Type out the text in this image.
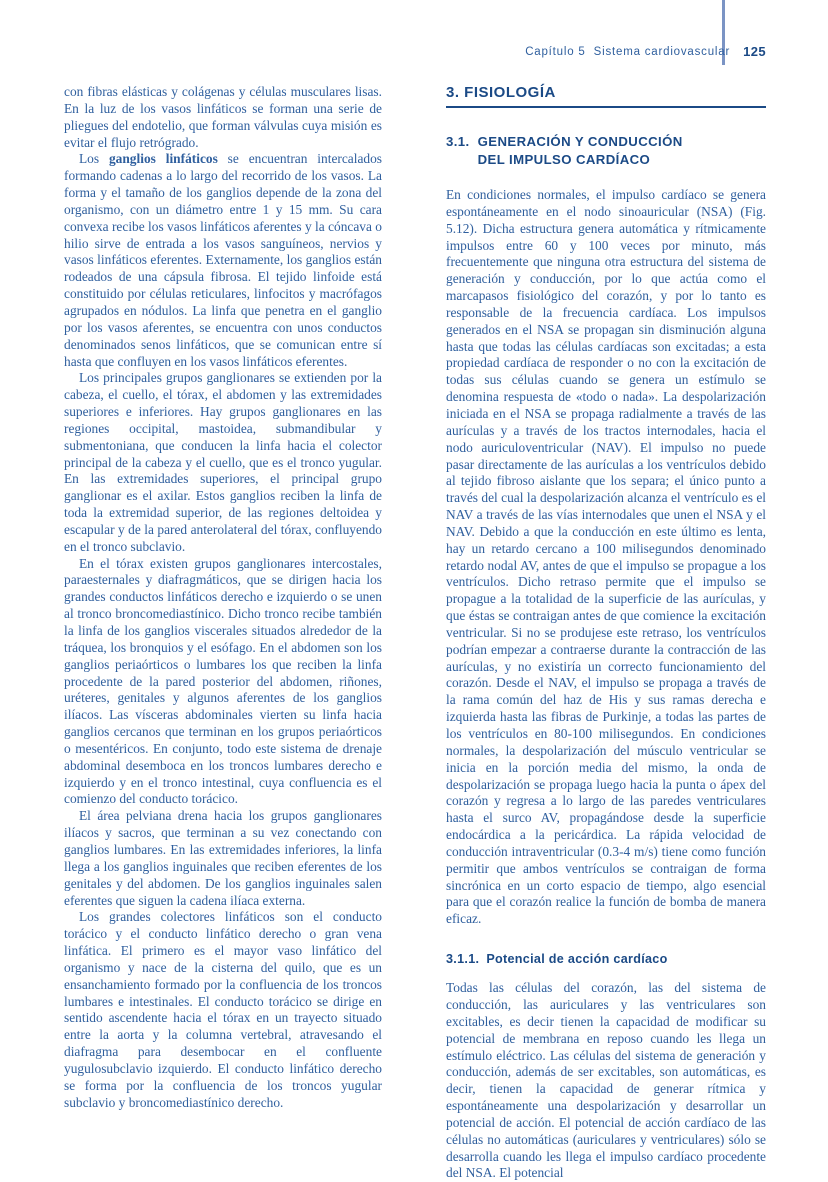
Capítulo 5 Sistema cardiovascular 125

con fibras elásticas y colágenas y células musculares lisas. En la luz de los vasos linfáticos se forman una serie de pliegues del endotelio, que forman válvulas cuya misión es evitar el flujo retrógrado.

Los ganglios linfáticos se encuentran intercalados formando cadenas a lo largo del recorrido de los vasos. La forma y el tamaño de los ganglios depende de la zona del organismo, con un diámetro entre 1 y 15 mm. Su cara convexa recibe los vasos linfáticos aferentes y la cóncava o hilio sirve de entrada a los vasos sanguíneos, nervios y vasos linfáticos eferentes. Externamente, los ganglios están rodeados de una cápsula fibrosa. El tejido linfoide está constituido por células reticulares, linfocitos y macrófagos agrupados en nódulos. La linfa que penetra en el ganglio por los vasos aferentes, se encuentra con unos conductos denominados senos linfáticos, que se comunican entre sí hasta que confluyen en los vasos linfáticos eferentes.

Los principales grupos ganglionares se extienden por la cabeza, el cuello, el tórax, el abdomen y las extremidades superiores e inferiores. Hay grupos ganglionares en las regiones occipital, mastoidea, submandibular y submentoniana, que conducen la linfa hacia el colector principal de la cabeza y el cuello, que es el tronco yugular. En las extremidades superiores, el principal grupo ganglionar es el axilar. Estos ganglios reciben la linfa de toda la extremidad superior, de las regiones deltoidea y escapular y de la pared anterolateral del tórax, confluyendo en el tronco subclavio.

En el tórax existen grupos ganglionares intercostales, paraesternales y diafragmáticos, que se dirigen hacia los grandes conductos linfáticos derecho e izquierdo o se unen al tronco broncomediastínico. Dicho tronco recibe también la linfa de los ganglios viscerales situados alrededor de la tráquea, los bronquios y el esófago. En el abdomen son los ganglios periaórticos o lumbares los que reciben la linfa procedente de la pared posterior del abdomen, riñones, uréteres, genitales y algunos aferentes de los ganglios ilíacos. Las vísceras abdominales vierten su linfa hacia ganglios cercanos que terminan en los grupos periaórticos o mesentéricos. En conjunto, todo este sistema de drenaje abdominal desemboca en los troncos lumbares derecho e izquierdo y en el tronco intestinal, cuya confluencia es el comienzo del conducto torácico.

El área pelviana drena hacia los grupos ganglionares ilíacos y sacros, que terminan a su vez conectando con ganglios lumbares. En las extremidades inferiores, la linfa llega a los ganglios inguinales que reciben eferentes de los genitales y del abdomen. De los ganglios inguinales salen eferentes que siguen la cadena ilíaca externa.

Los grandes colectores linfáticos son el conducto torácico y el conducto linfático derecho o gran vena linfática. El primero es el mayor vaso linfático del organismo y nace de la cisterna del quilo, que es un ensanchamiento formado por la confluencia de los troncos lumbares e intestinales. El conducto torácico se dirige en sentido ascendente hacia el tórax en un trayecto situado entre la aorta y la columna vertebral, atravesando el diafragma para desembocar en el confluente yugulosubclavio izquierdo. El conducto linfático derecho se forma por la confluencia de los troncos yugular subclavio y broncomediastínico derecho.

3. FISIOLOGÍA
3.1. GENERACIÓN Y CONDUCCIÓN
DEL IMPULSO CARDÍACO

En condiciones normales, el impulso cardíaco se genera espontáneamente en el nodo sinoauricular (NSA) (Fig. 5.12). Dicha estructura genera automática y rítmicamente impulsos entre 60 y 100 veces por minuto, más frecuentemente que ninguna otra estructura del sistema de generación y conducción, por lo que actúa como el marcapasos fisiológico del corazón, y por lo tanto es responsable de la frecuencia cardíaca. Los impulsos generados en el NSA se propagan sin disminución alguna hasta que todas las células cardíacas son excitadas; a esta propiedad cardíaca de responder o no con la excitación de todas sus células cuando se genera un estímulo se denomina respuesta de «todo o nada». La despolarización iniciada en el NSA se propaga radialmente a través de las aurículas y a través de los tractos internodales, hacia el nodo auriculoventricular (NAV). El impulso no puede pasar directamente de las aurículas a los ventrículos debido al tejido fibroso aislante que los separa; el único punto a través del cual la despolarización alcanza el ventrículo es el NAV a través de las vías internodales que unen el NSA y el NAV. Debido a que la conducción en este último es lenta, hay un retardo cercano a 100 milisegundos denominado retardo nodal AV, antes de que el impulso se propague a los ventrículos. Dicho retraso permite que el impulso se propague a la totalidad de la superficie de las aurículas, y que éstas se contraigan antes de que comience la excitación ventricular. Si no se produjese este retraso, los ventrículos podrían empezar a contraerse durante la contracción de las aurículas, y no existiría un correcto funcionamiento del corazón. Desde el NAV, el impulso se propaga a través de la rama común del haz de His y sus ramas derecha e izquierda hasta las fibras de Purkinje, a todas las partes de los ventrículos en 80-100 milisegundos. En condiciones normales, la despolarización del músculo ventricular se inicia en la porción media del mismo, la onda de despolarización se propaga luego hacia la punta o ápex del corazón y regresa a lo largo de las paredes ventriculares hasta el surco AV, propagándose desde la superficie endocárdica a la pericárdica. La rápida velocidad de conducción intraventricular (0.3-4 m/s) tiene como función permitir que ambos ventrículos se contraigan de forma sincrónica en un corto espacio de tiempo, algo esencial para que el corazón realice la función de bomba de manera eficaz.

3.1.1. Potencial de acción cardíaco

Todas las células del corazón, las del sistema de conducción, las auriculares y las ventriculares son excitables, es decir tienen la capacidad de modificar su potencial de membrana en reposo cuando les llega un estímulo eléctrico. Las células del sistema de generación y conducción, además de ser excitables, son automáticas, es decir, tienen la capacidad de generar rítmica y espontáneamente una despolarización y desarrollar un potencial de acción. El potencial de acción cardíaco de las células no automáticas (auriculares y ventriculares) sólo se desarrolla cuando les llega el impulso cardíaco procedente del NSA. El potencial
